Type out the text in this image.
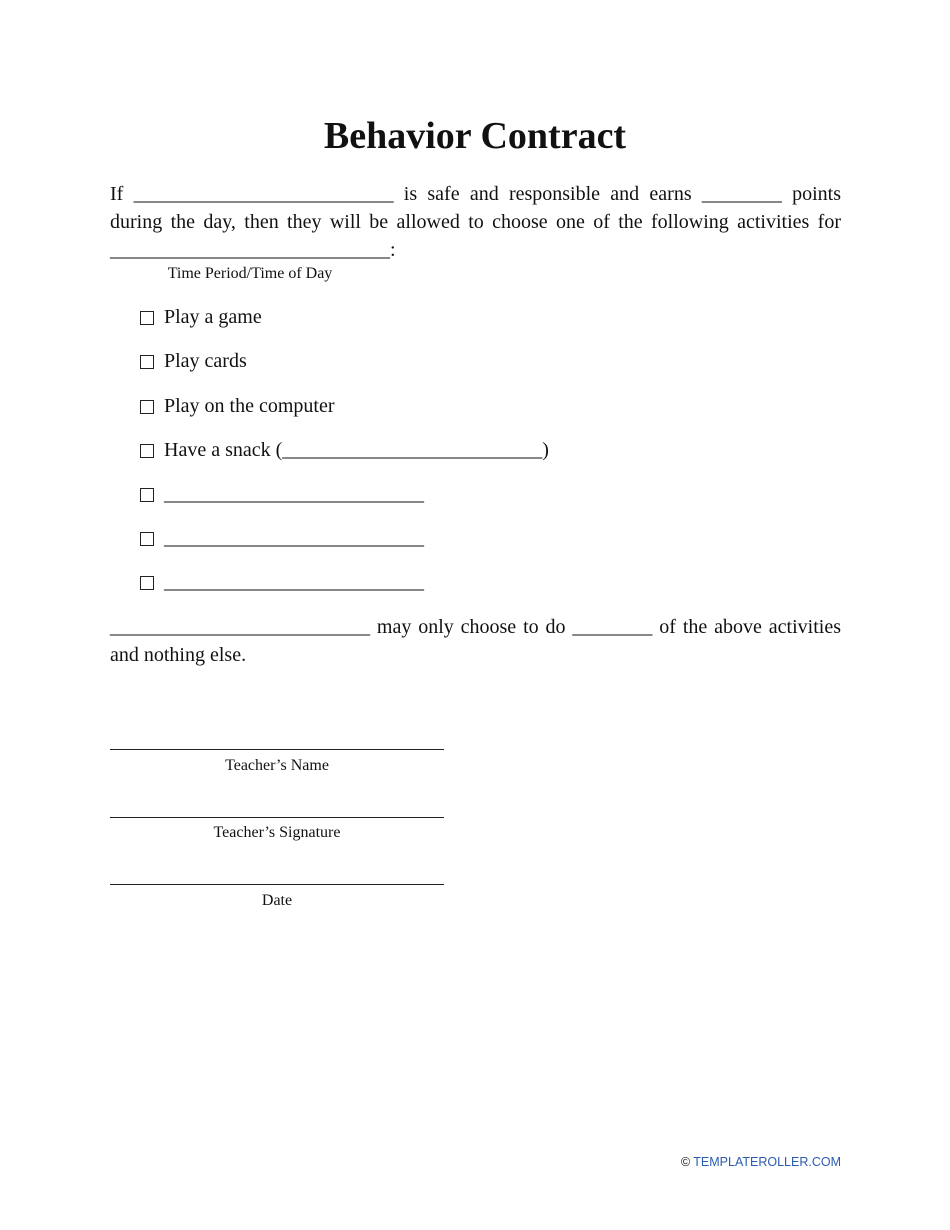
Behavior Contract
If __________________________ is safe and responsible and earns ________ points during the day, then they will be allowed to choose one of the following activities for ____________________________:
Time Period/Time of Day
Play a game
Play cards
Play on the computer
Have a snack (__________________________)
__________________________
__________________________
__________________________
__________________________ may only choose to do ________ of the above activities and nothing else.
Teacher’s Name
Teacher’s Signature
Date
© TEMPLATEROLLER.COM
